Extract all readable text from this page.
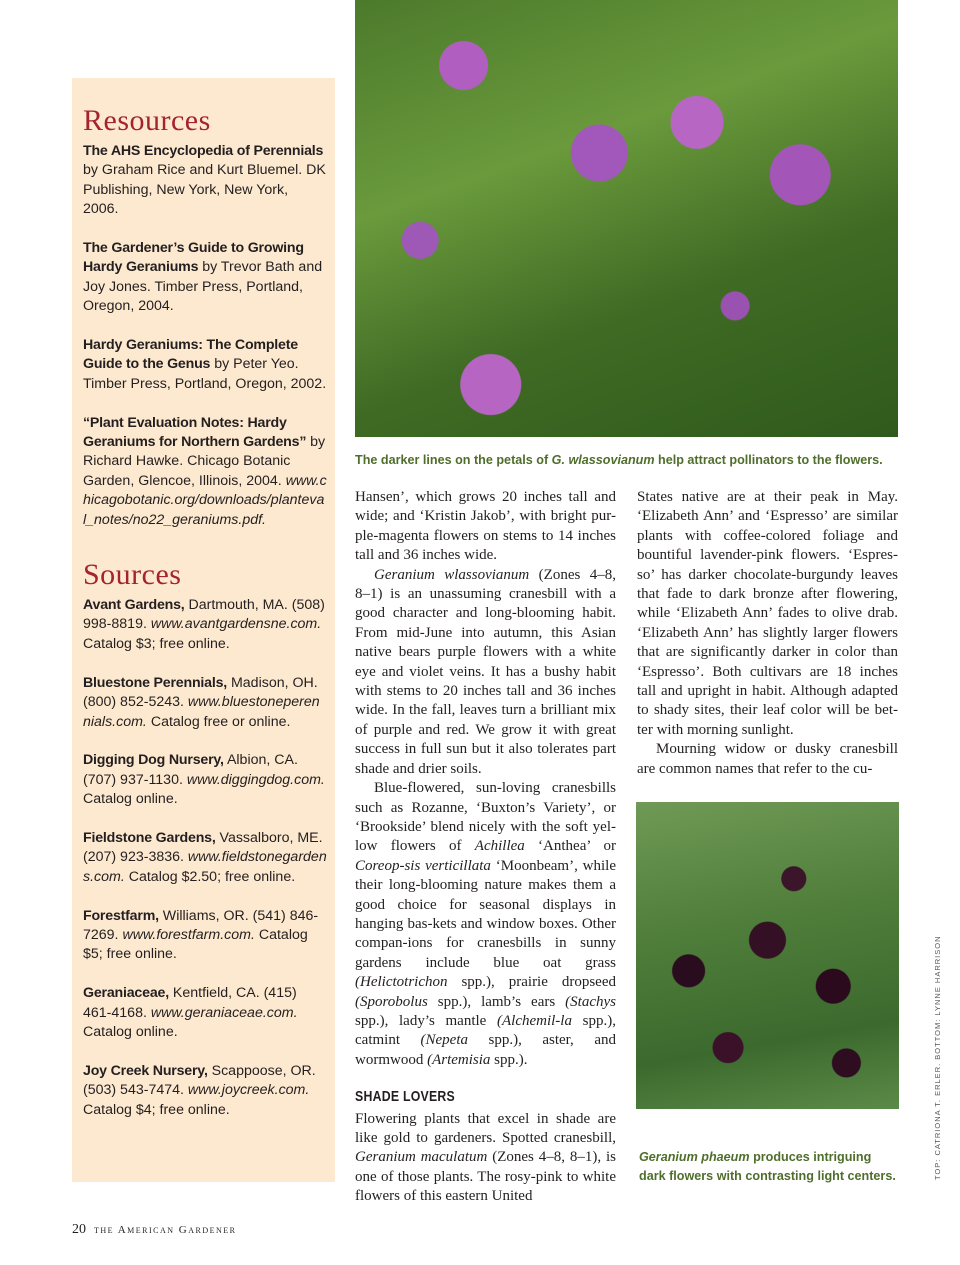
Resources
The AHS Encyclopedia of Perennials by Graham Rice and Kurt Bluemel. DK Publishing, New York, New York, 2006.
The Gardener’s Guide to Growing Hardy Geraniums by Trevor Bath and Joy Jones. Timber Press, Portland, Oregon, 2004.
Hardy Geraniums: The Complete Guide to the Genus by Peter Yeo. Timber Press, Portland, Oregon, 2002.
“Plant Evaluation Notes: Hardy Geraniums for Northern Gardens” by Richard Hawke. Chicago Botanic Garden, Glencoe, Illinois, 2004. www.chicagobotanic.org/downloads/planteval_notes/no22_geraniums.pdf.
Sources
Avant Gardens, Dartmouth, MA. (508) 998-8819. www.avantgardensne.com. Catalog $3; free online.
Bluestone Perennials, Madison, OH. (800) 852-5243. www.bluestoneperennials.com. Catalog free or online.
Digging Dog Nursery, Albion, CA. (707) 937-1130. www.diggingdog.com. Catalog online.
Fieldstone Gardens, Vassalboro, ME. (207) 923-3836. www.fieldstonegardens.com. Catalog $2.50; free online.
Forestfarm, Williams, OR. (541) 846-7269. www.forestfarm.com. Catalog $5; free online.
Geraniaceae, Kentfield, CA. (415) 461-4168. www.geraniaceae.com. Catalog online.
Joy Creek Nursery, Scappoose, OR. (503) 543-7474. www.joycreek.com. Catalog $4; free online.
The darker lines on the petals of G. wlassovianum help attract pollinators to the flowers.

Hansen’, which grows 20 inches tall and wide; and ‘Kristin Jakob’, with bright pur-ple-magenta flowers on stems to 14 inches tall and 36 inches wide.

Geranium wlassovianum (Zones 4–8, 8–1) is an unassuming cranesbill with a good character and long-blooming habit. From mid-June into autumn, this Asian native bears purple flowers with a white eye and violet veins. It has a bushy habit with stems to 20 inches tall and 36 inches wide. In the fall, leaves turn a brilliant mix of purple and red. We grow it with great success in full sun but it also tolerates part shade and drier soils.

Blue-flowered, sun-loving cranesbills such as Rozanne, ‘Buxton’s Variety’, or ‘Brookside’ blend nicely with the soft yel-low flowers of Achillea ‘Anthea’ or Coreop-sis verticillata ‘Moonbeam’, while their long-blooming nature makes them a good choice for seasonal displays in hanging bas-kets and window boxes. Other compan-ions for cranesbills in sunny gardens include blue oat grass (Helictotrichon spp.), prairie dropseed (Sporobolus spp.), lamb’s ears (Stachys spp.), lady’s mantle (Alchemil-la spp.), catmint (Nepeta spp.), aster, and wormwood (Artemisia spp.).

SHADE LOVERS

Flowering plants that excel in shade are like gold to gardeners. Spotted cranesbill, Geranium maculatum (Zones 4–8, 8–1), is one of those plants. The rosy-pink to white flowers of this eastern United

States native are at their peak in May. ‘Elizabeth Ann’ and ‘Espresso’ are similar plants with coffee-colored foliage and bountiful lavender-pink flowers. ‘Espres-so’ has darker chocolate-burgundy leaves that fade to dark bronze after flowering, while ‘Elizabeth Ann’ fades to olive drab. ‘Elizabeth Ann’ has slightly larger flowers that are significantly darker in color than ‘Espresso’. Both cultivars are 18 inches tall and upright in habit. Although adapted to shady sites, their leaf color will be bet-ter with morning sunlight.

Mourning widow or dusky cranesbill are common names that refer to the cu-

Geranium phaeum produces intriguing dark flowers with contrasting light centers.	TOP: CATRIONA T. ERLER. BOTTOM: LYNNE HARRISON
20 the American Gardener
